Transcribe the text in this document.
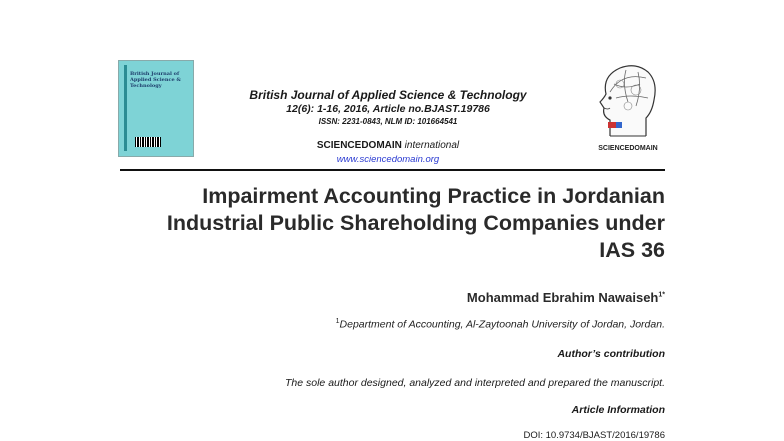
British Journal of Applied Science & Technology
British Journal of Applied Science & Technology
12(6): 1-16, 2016, Article no.BJAST.19786
ISSN: 2231-0843, NLM ID: 101664541
SCIENCEDOMAIN international
www.sciencedomain.org
SCIENCEDOMAIN
Impairment Accounting Practice in Jordanian
Industrial Public Shareholding Companies under
IAS 36
Mohammad Ebrahim Nawaiseh$^{1*}$
$^1$Department of Accounting, Al-Zaytoonah University of Jordan, Jordan.
Author’s contribution
The sole author designed, analyzed and interpreted and prepared the manuscript.
Article Information
DOI: 10.9734/BJAST/2016/19786
